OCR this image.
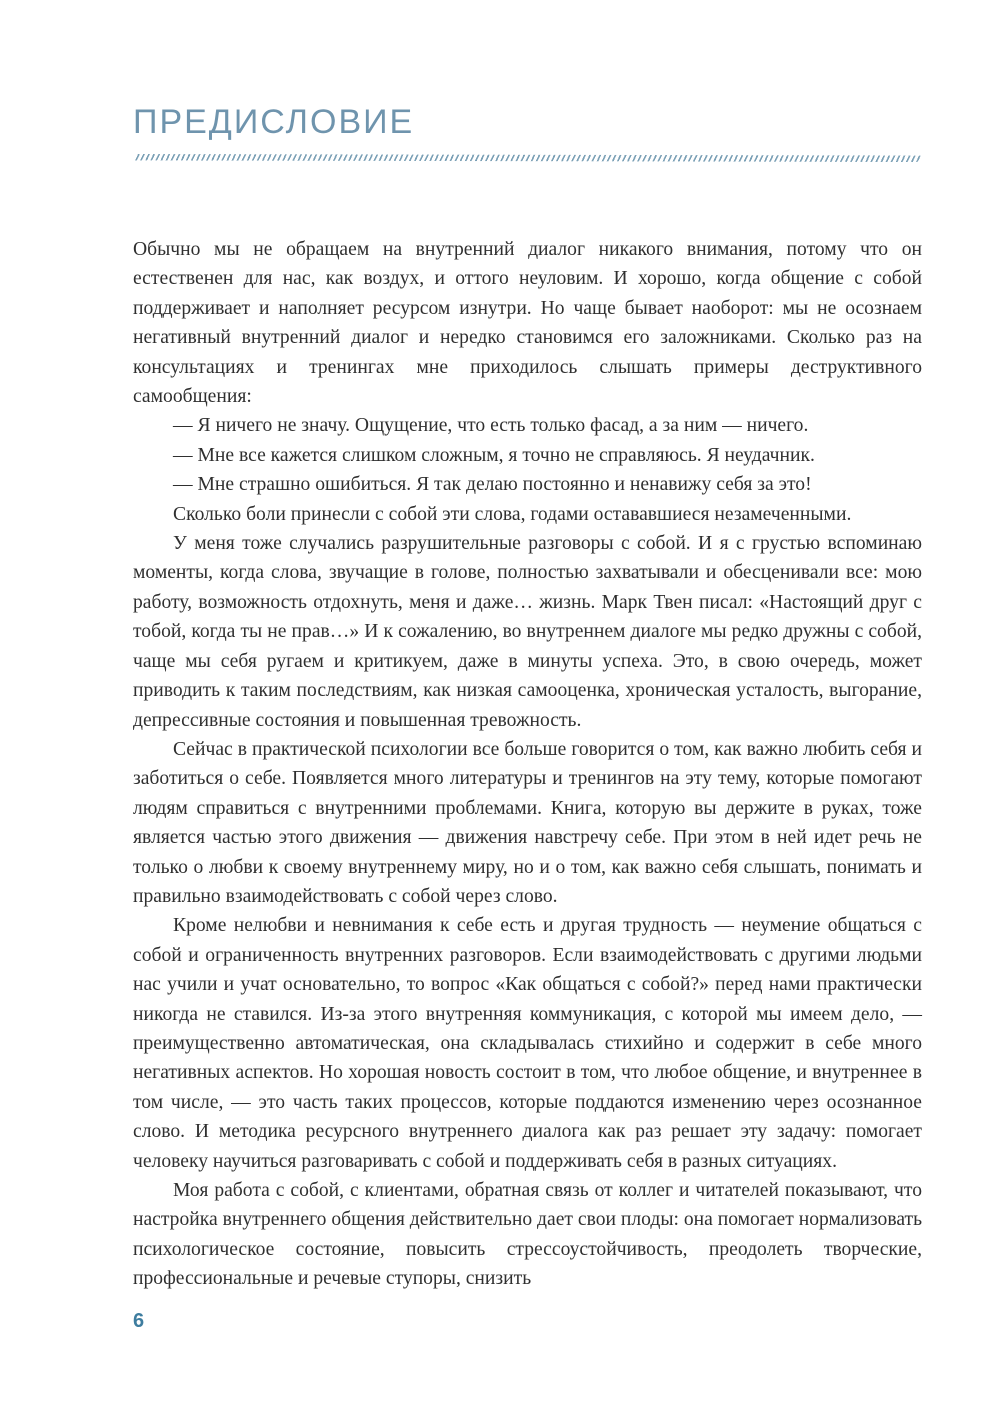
ПРЕДИСЛОВИЕ

Обычно мы не обращаем на внутренний диалог никакого внимания, потому что он естественен для нас, как воздух, и оттого неуловим. И хорошо, когда общение с собой поддерживает и наполняет ресурсом изнутри. Но чаще бывает наоборот: мы не осознаем негативный внутренний диалог и нередко становимся его заложниками. Сколько раз на консультациях и тренингах мне приходилось слышать примеры деструктивного самообщения:

— Я ничего не значу. Ощущение, что есть только фасад, а за ним — ничего.

— Мне все кажется слишком сложным, я точно не справляюсь. Я неудачник.

— Мне страшно ошибиться. Я так делаю постоянно и ненавижу себя за это!

Сколько боли принесли с собой эти слова, годами остававшиеся незамеченными.

У меня тоже случались разрушительные разговоры с собой. И я с грустью вспоминаю моменты, когда слова, звучащие в голове, полностью захватывали и обесценивали все: мою работу, возможность отдохнуть, меня и даже… жизнь. Марк Твен писал: «Настоящий друг с тобой, когда ты не прав…» И к сожалению, во внутреннем диалоге мы редко дружны с собой, чаще мы себя ругаем и критикуем, даже в минуты успеха. Это, в свою очередь, может приводить к таким последствиям, как низкая самооценка, хроническая усталость, выгорание, депрессивные состояния и повышенная тревожность.

Сейчас в практической психологии все больше говорится о том, как важно любить себя и заботиться о себе. Появляется много литературы и тренингов на эту тему, которые помогают людям справиться с внутренними проблемами. Книга, которую вы держите в руках, тоже является частью этого движения — движения навстречу себе. При этом в ней идет речь не только о любви к своему внутреннему миру, но и о том, как важно себя слышать, понимать и правильно взаимодействовать с собой через слово.

Кроме нелюбви и невнимания к себе есть и другая трудность — неумение общаться с собой и ограниченность внутренних разговоров. Если взаимодействовать с другими людьми нас учили и учат основательно, то вопрос «Как общаться с собой?» перед нами практически никогда не ставился. Из-за этого внутренняя коммуникация, с которой мы имеем дело, — преимущественно автоматическая, она складывалась стихийно и содержит в себе много негативных аспектов. Но хорошая новость состоит в том, что любое общение, и внутреннее в том числе, — это часть таких процессов, которые поддаются изменению через осознанное слово. И методика ресурсного внутреннего диалога как раз решает эту задачу: помогает человеку научиться разговаривать с собой и поддерживать себя в разных ситуациях.

Моя работа с собой, с клиентами, обратная связь от коллег и читателей показывают, что настройка внутреннего общения действительно дает свои плоды: она помогает нормализовать психологическое состояние, повысить стрессоустойчивость, преодолеть творческие, профессиональные и речевые ступоры, снизить

6
